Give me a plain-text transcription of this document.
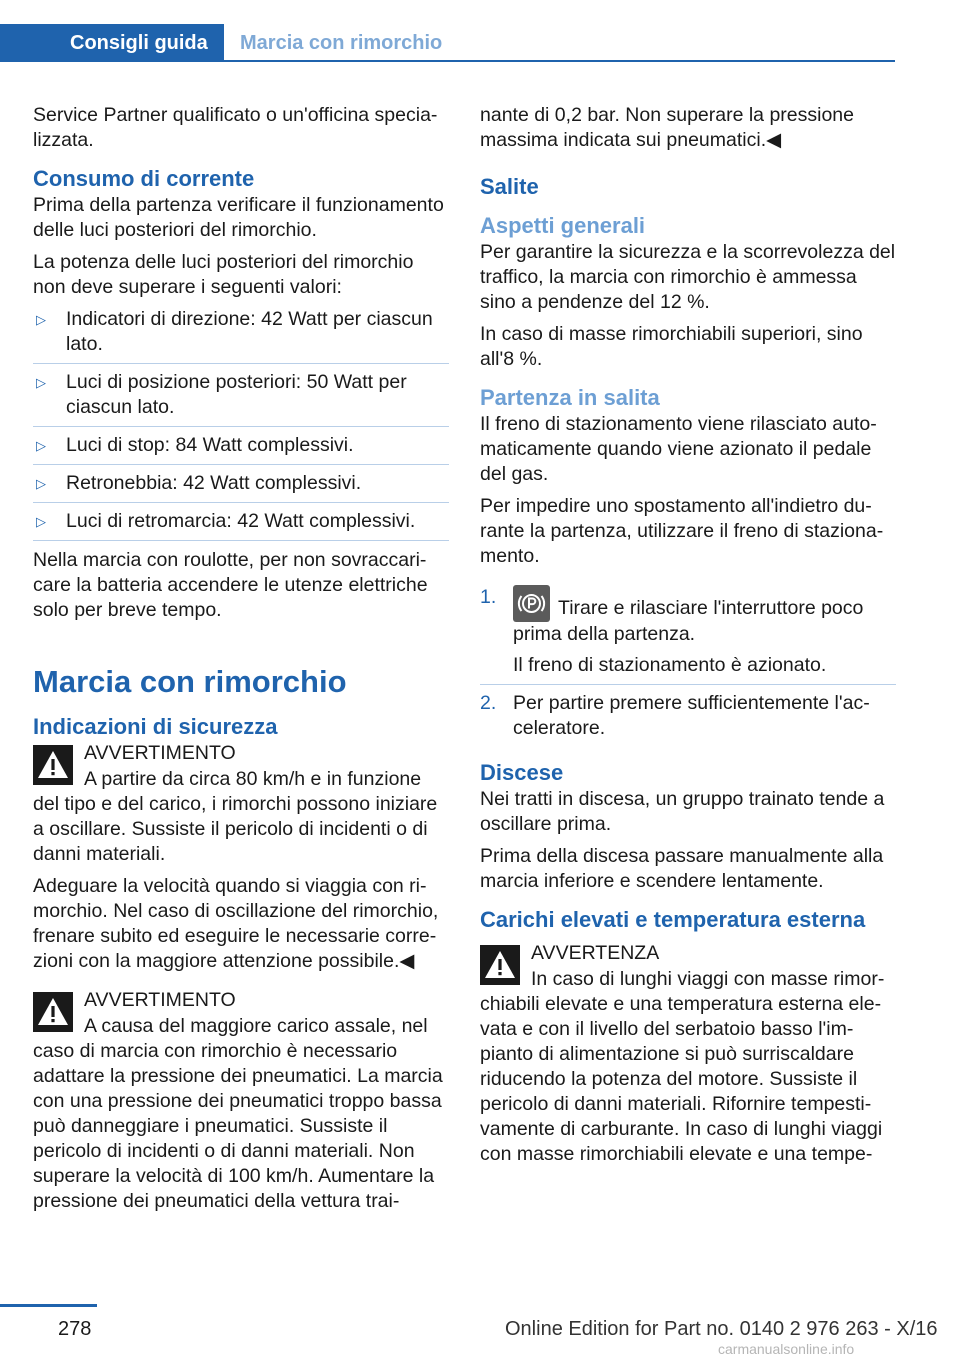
Consigli guida	Marcia con rimorchio

Service Partner qualificato o un'officina specia-lizzata.

Consumo di corrente

Prima della partenza verificare il funzionamento delle luci posteriori del rimorchio.

La potenza delle luci posteriori del rimorchio non deve superare i seguenti valori:

▷ Indicatori di direzione: 42 Watt per ciascun lato.
▷ Luci di posizione posteriori: 50 Watt per ciascun lato.
▷ Luci di stop: 84 Watt complessivi.
▷ Retronebbia: 42 Watt complessivi.
▷ Luci di retromarcia: 42 Watt complessivi.

Nella marcia con roulotte, per non sovraccari-care la batteria accendere le utenze elettriche solo per breve tempo.

Marcia con rimorchio
Indicazioni di sicurezza
AVVERTIMENTO

A partire da circa 80 km/h e in funzione del tipo e del carico, i rimorchi possono iniziare a oscillare. Sussiste il pericolo di incidenti o di danni materiali.

Adeguare la velocità quando si viaggia con ri-morchio. Nel caso di oscillazione del rimorchio, frenare subito ed eseguire le necessarie corre-zioni con la maggiore attenzione possibile.◀

AVVERTIMENTO

A causa del maggiore carico assale, nel caso di marcia con rimorchio è necessario adattare la pressione dei pneumatici. La marcia con una pressione dei pneumatici troppo bassa può danneggiare i pneumatici. Sussiste il pericolo di incidenti o di danni materiali. Non superare la velocità di 100 km/h. Aumentare la pressione dei pneumatici della vettura trai-

nante di 0,2 bar. Non superare la pressione massima indicata sui pneumatici.◀

Salite
Aspetti generali

Per garantire la sicurezza e la scorrevolezza del traffico, la marcia con rimorchio è ammessa sino a pendenze del 12 %.

In caso di masse rimorchiabili superiori, sino all'8 %.

Partenza in salita

Il freno di stazionamento viene rilasciato auto-maticamente quando viene azionato il pedale del gas.

Per impedire uno spostamento all'indietro du-rante la partenza, utilizzare il freno di staziona-mento.

1.	Tirare e rilasciare l'interruttore poco prima della partenza.

Il freno di stazionamento è azionato.

2. Per partire premere sufficientemente l'ac-celeratore.
Discese

Nei tratti in discesa, un gruppo trainato tende a oscillare prima.

Prima della discesa passare manualmente alla marcia inferiore e scendere lentamente.

Carichi elevati e temperatura esterna
AVVERTENZA

In caso di lunghi viaggi con masse rimor-chiabili elevate e una temperatura esterna ele-vata e con il livello del serbatoio basso l'im-pianto di alimentazione si può surriscaldare riducendo la potenza del motore. Sussiste il pericolo di danni materiali. Rifornire tempesti-vamente di carburante. In caso di lunghi viaggi con masse rimorchiabili elevate e una tempe-

278	Online Edition for Part no. 0140 2 976 263 - X/16
carmanualsonline.info
